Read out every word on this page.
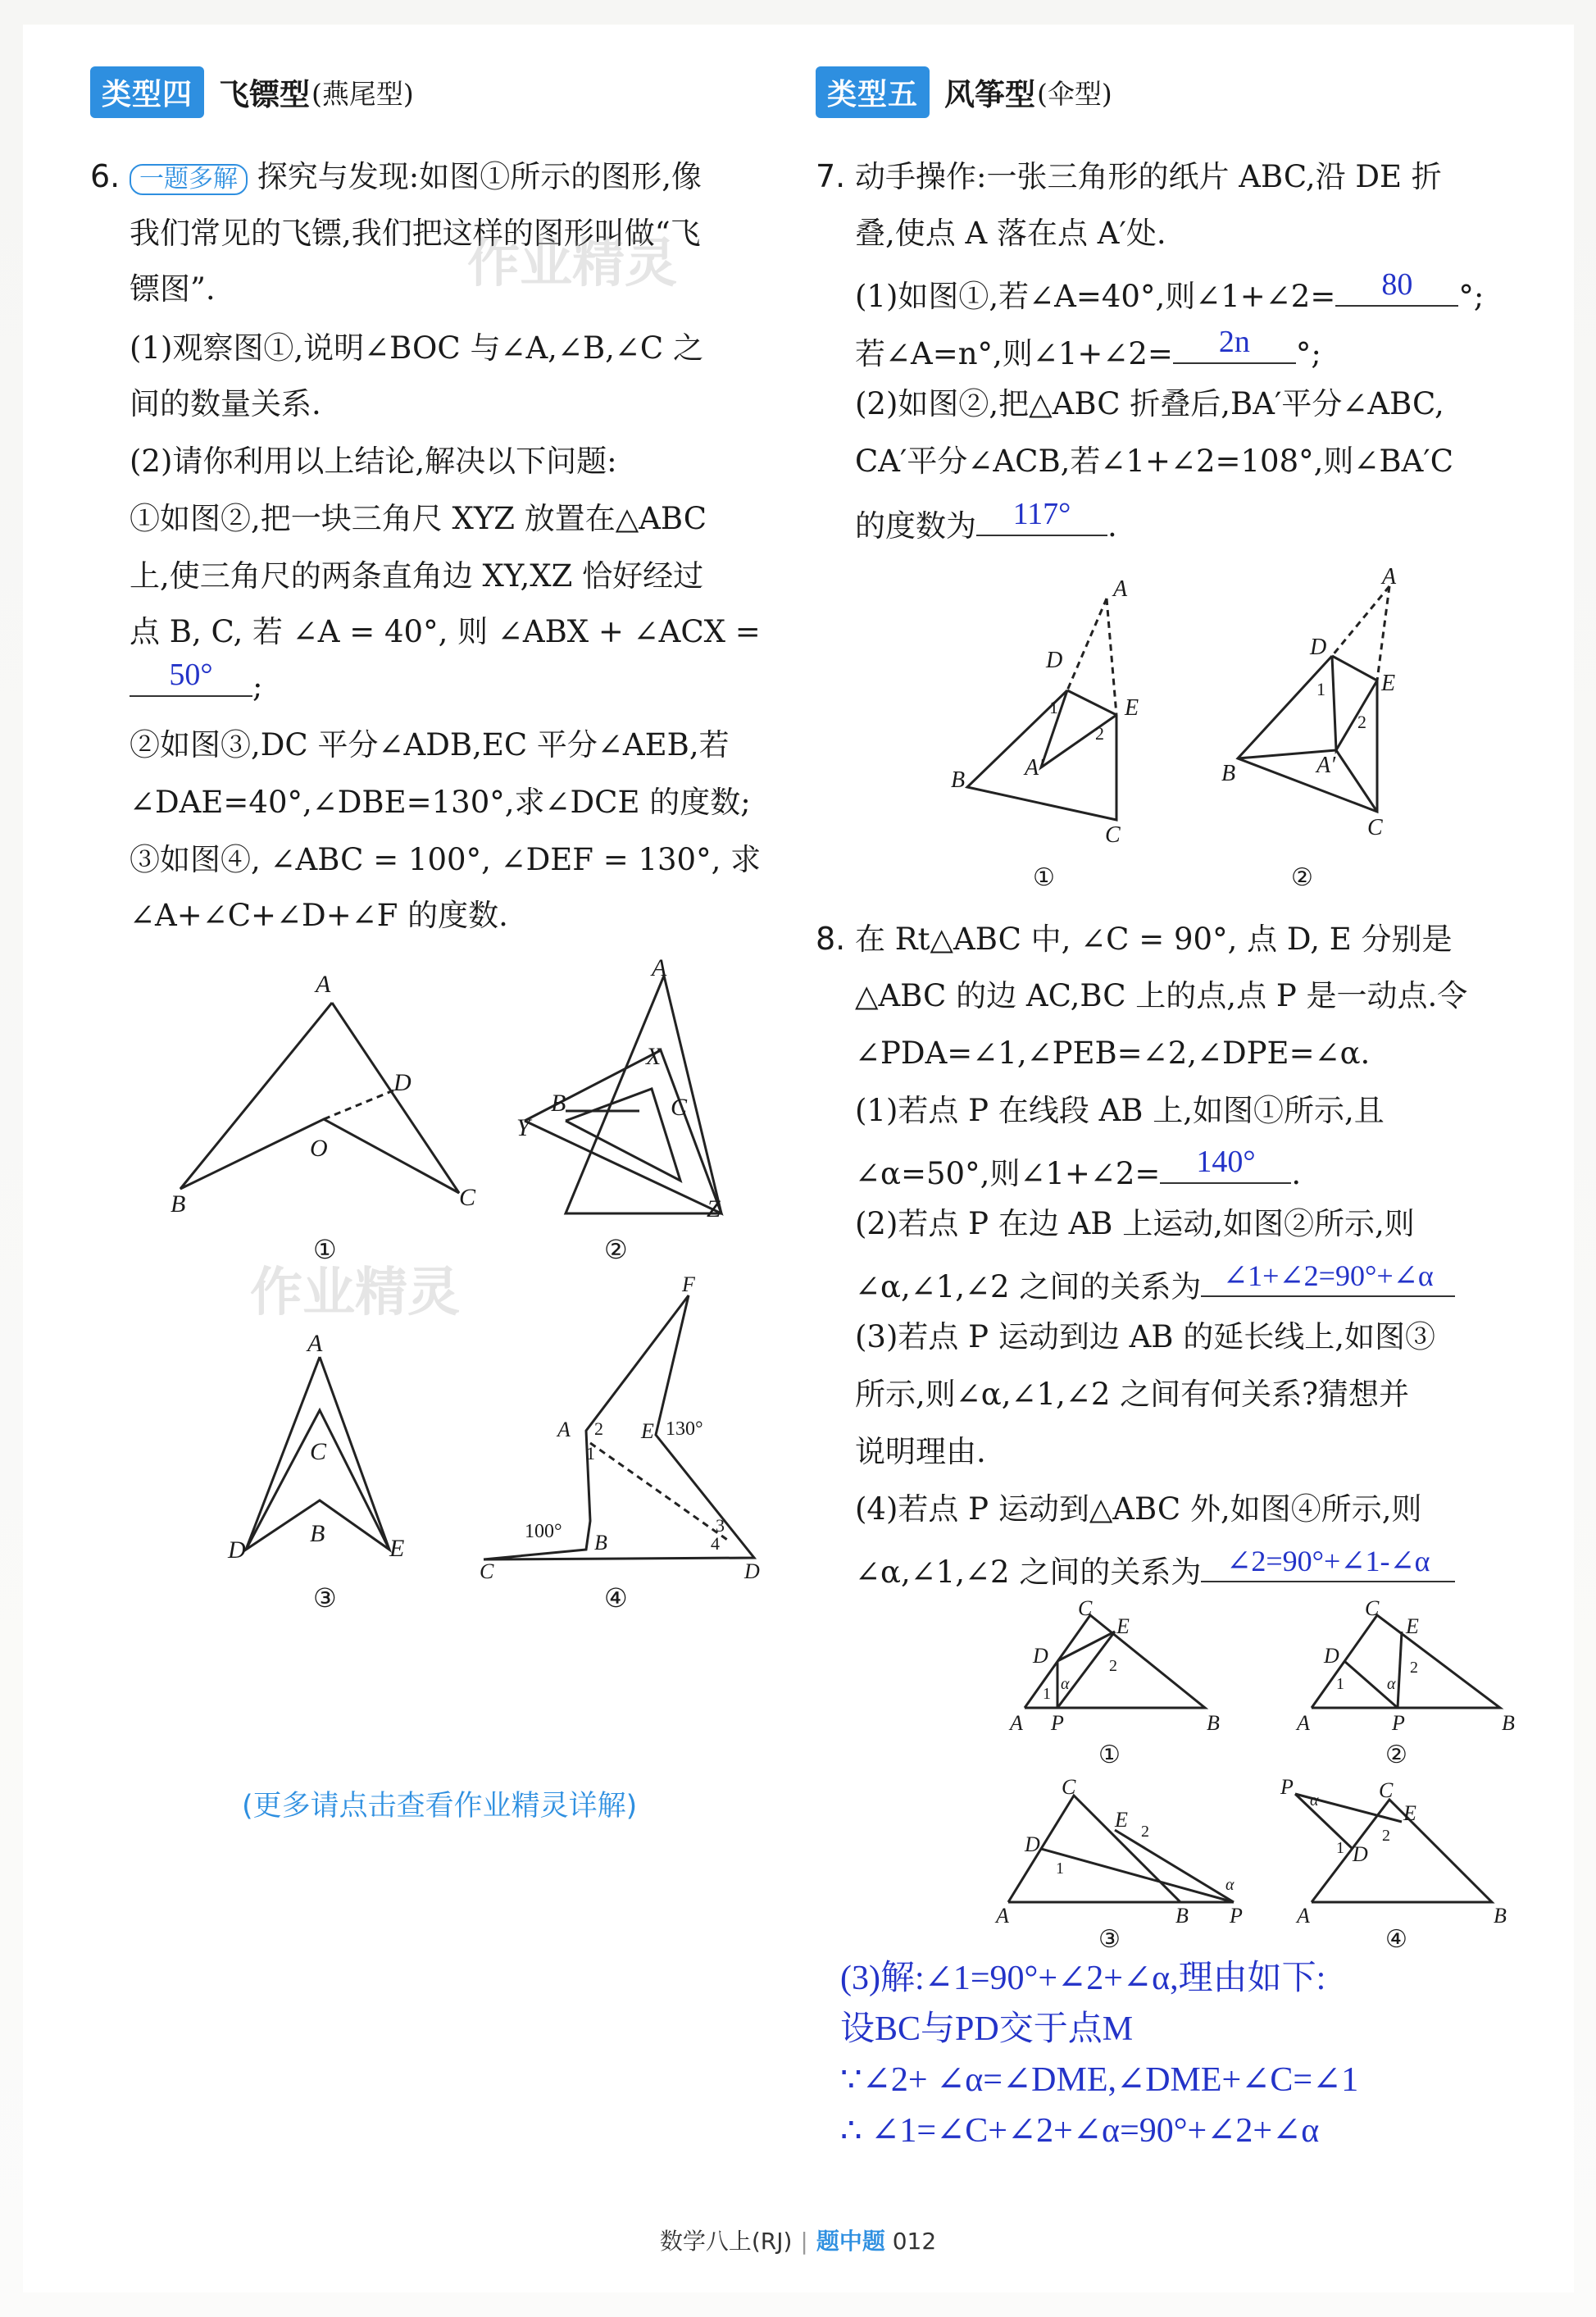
类型四 飞镖型 (燕尾型)
6. 一题多解 探究与发现:如图①所示的图形,像
我们常见的飞镖,我们把这样的图形叫做“飞
镖图”.
(1)观察图①,说明∠BOC 与∠A,∠B,∠C 之
间的数量关系.
(2)请你利用以上结论,解决以下问题:
①如图②,把一块三角尺 XYZ 放置在△ABC
上,使三角尺的两条直角边 XY,XZ 恰好经过
点 B, C, 若 ∠A = 40°, 则 ∠ABX + ∠ACX =
50°	;
②如图③,DC 平分∠ADB,EC 平分∠AEB,若
∠DAE=40°,∠DBE=130°,求∠DCE 的度数;
③如图④, ∠ABC = 100°, ∠DEF = 130°, 求
∠A+∠C+∠D+∠F 的度数.
A
B	C
D
O
①
A
B	C
X
Y
Z
②
A
C
B
D	E
③
A 2
1
E 130°
100° B
C	D
F
4
3
④
(更多请点击查看作业精灵详解)
类型五 风筝型 (伞型)
7. 动手操作:一张三角形的纸片 ABC,沿 DE 折
叠,使点 A 落在点 A′处.
(1)如图①,若∠A=40°,则∠1+∠2=	80	°;
若∠A=n°,则∠1+∠2=	2n	°;
(2)如图②,把△ABC 折叠后,BA′平分∠ABC,
CA′平分∠ACB,若∠1+∠2=108°,则∠BA′C
的度数为	117°	.
8. 在 Rt△ABC 中, ∠C = 90°, 点 D, E 分别是
△ABC 的边 AC,BC 上的点,点 P 是一动点.令
∠PDA=∠1,∠PEB=∠2,∠DPE=∠α.
(1)若点 P 在线段 AB 上,如图①所示,且
∠α=50°,则∠1+∠2=	140°	.
(2)若点 P 在边 AB 上运动,如图②所示,则
∠α,∠1,∠2 之间的关系为 ∠1+∠2=90°+∠α
(3)若点 P 运动到边 AB 的延长线上,如图③
所示,则∠α,∠1,∠2 之间有何关系?猜想并
说明理由.
(4)若点 P 运动到△ABC 外,如图④所示,则
∠α,∠1,∠2 之间的关系为 ∠2=90°+∠1-∠α
A
D
E
B
C
A′
1
2
①
A
D
E
B
C
A′
1
2
②
C
D
E
A P	B
1
α
2
①
C
D
E
A	P	B
1	α
2
②
C
D
E
A	B P
1
2
α
③
C
D
E
P
A	B
α
1
2
④
(3)解:∠1=90°+∠2+∠α,理由如下:
设BC与PD交于点M
∵∠2+ ∠α=∠DME,∠DME+∠C=∠1
∴ ∠1=∠C+∠2+∠α=90°+∠2+∠α
作业精灵
作业精灵
数学八上(RJ) | 题中题 012
